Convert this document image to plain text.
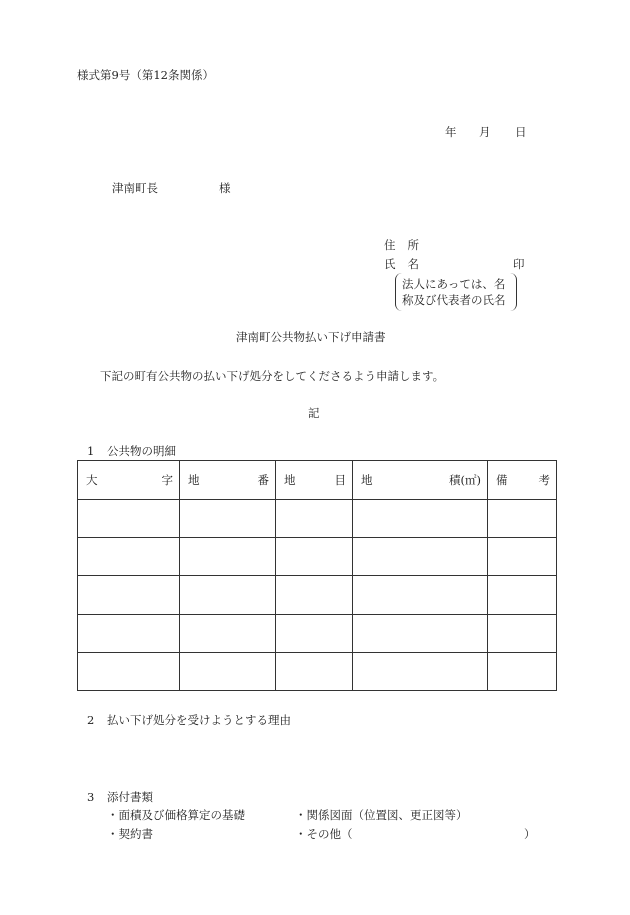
様式第9号（第12条関係）
年 月 日
津南町長	様
住 所
氏 名	印
法人にあっては、名
称及び代表者の氏名
津南町公共物払い下げ申請書
下記の町有公共物の払い下げ処分をしてくださるよう申請します。
記
1 公共物の明細
大 字	地 番	地 目	地 積(㎡)	備 考

2 払い下げ処分を受けようとする理由
3 添付書類
・面積及び価格算定の基礎	・関係図面（位置図、更正図等）
・契約書	・その他（	）
